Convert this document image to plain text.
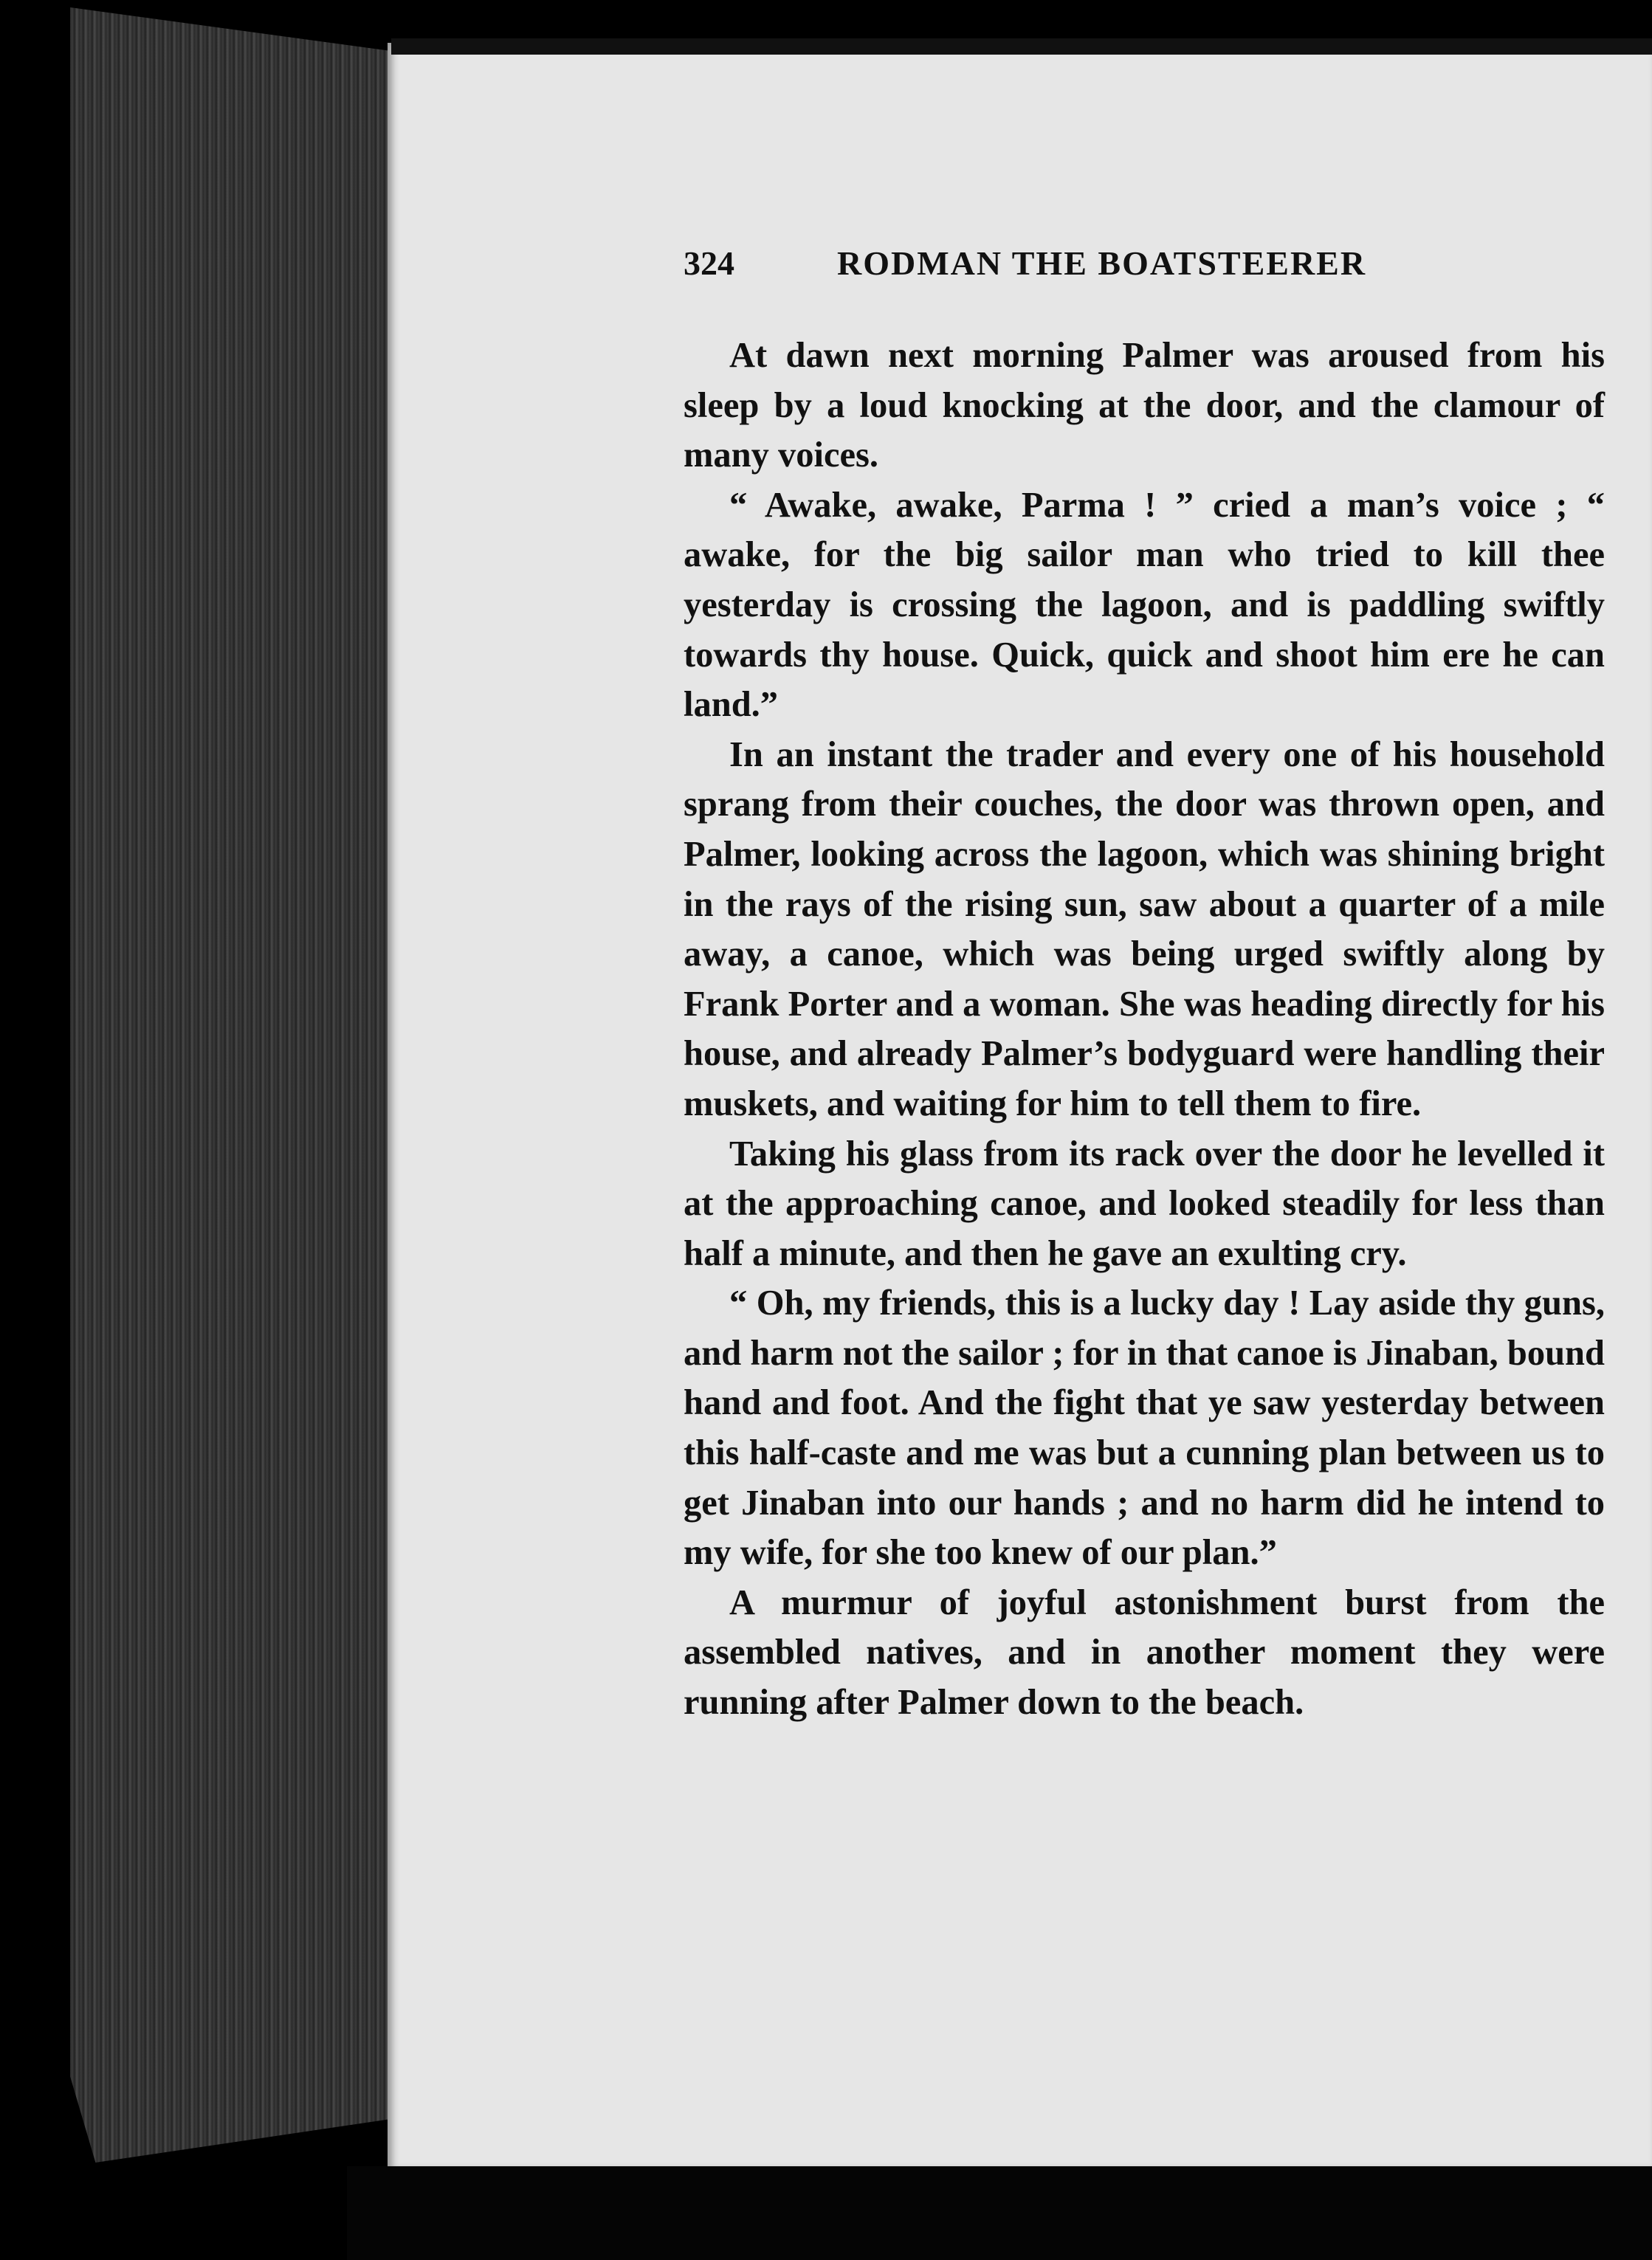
324	RODMAN THE BOATSTEERER

At dawn next morning Palmer was aroused from his sleep by a loud knocking at the door, and the clamour of many voices.

“ Awake, awake, Parma ! ” cried a man’s voice ; “ awake, for the big sailor man who tried to kill thee yesterday is crossing the lagoon, and is paddling swiftly towards thy house. Quick, quick and shoot him ere he can land.”

In an instant the trader and every one of his household sprang from their couches, the door was thrown open, and Palmer, looking across the lagoon, which was shining bright in the rays of the rising sun, saw about a quarter of a mile away, a canoe, which was being urged swiftly along by Frank Porter and a woman. She was heading directly for his house, and already Palmer’s bodyguard were handling their muskets, and waiting for him to tell them to fire.

Taking his glass from its rack over the door he levelled it at the approaching canoe, and looked steadily for less than half a minute, and then he gave an exulting cry.

“ Oh, my friends, this is a lucky day ! Lay aside thy guns, and harm not the sailor ; for in that canoe is Jinaban, bound hand and foot. And the fight that ye saw yesterday between this half-caste and me was but a cunning plan between us to get Jinaban into our hands ; and no harm did he intend to my wife, for she too knew of our plan.”

A murmur of joyful astonishment burst from the assembled natives, and in another moment they were running after Palmer down to the beach.
